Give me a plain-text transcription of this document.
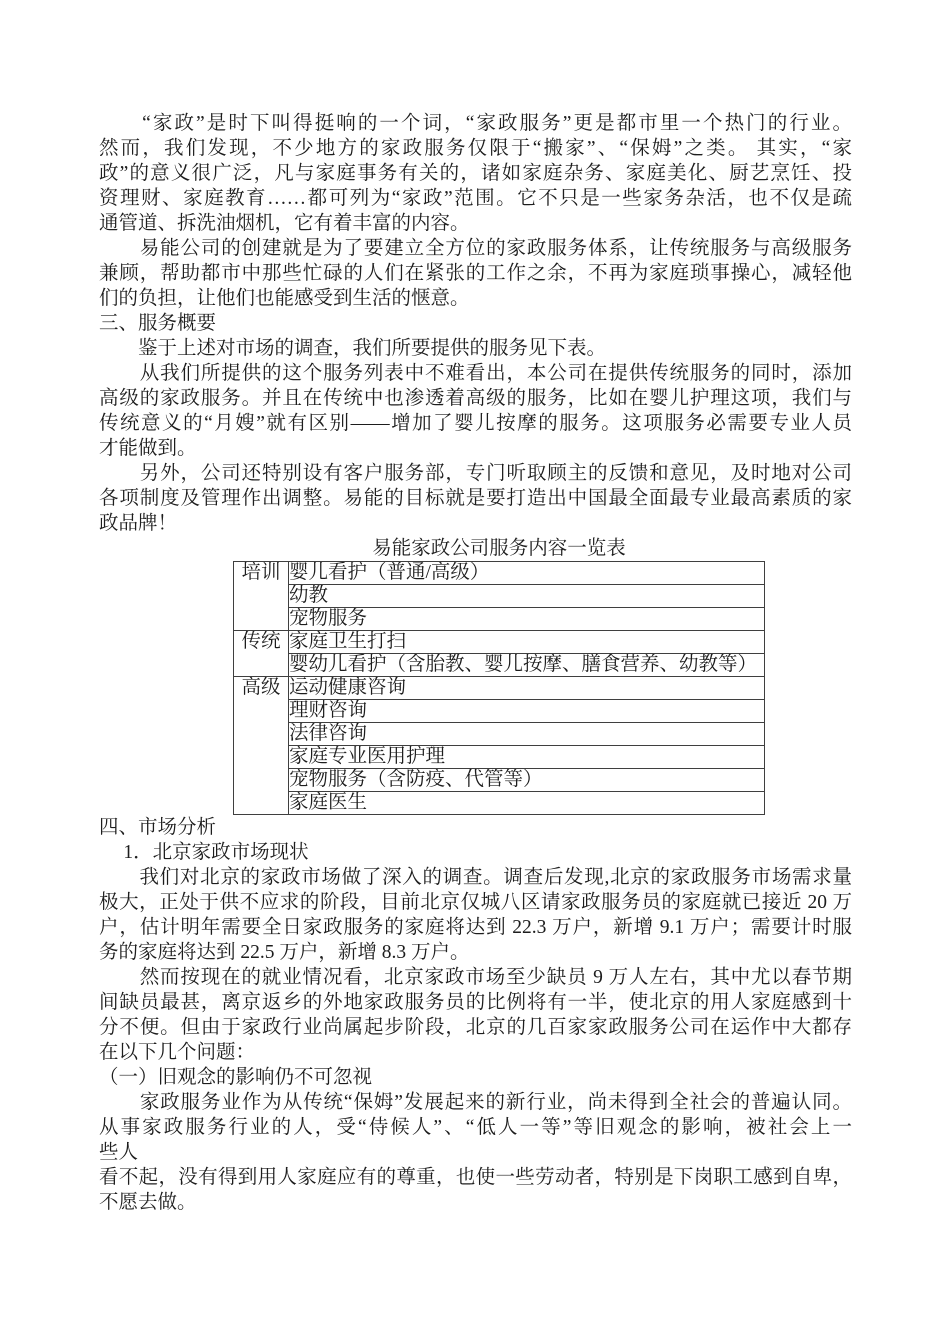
　　“家政”是时下叫得挺响的一个词，“家政服务”更是都市里一个热门的行业。
然而，我们发现，不少地方的家政服务仅限于“搬家”、“保姆”之类。 其实，“家
政”的意义很广泛，凡与家庭事务有关的，诸如家庭杂务、家庭美化、厨艺烹饪、投
资理财、家庭教育……都可列为“家政”范围。它不只是一些家务杂活，也不仅是疏
通管道、拆洗油烟机，它有着丰富的内容。
　　易能公司的创建就是为了要建立全方位的家政服务体系，让传统服务与高级服务
兼顾，帮助都市中那些忙碌的人们在紧张的工作之余，不再为家庭琐事操心，减轻他
们的负担，让他们也能感受到生活的惬意。
三、服务概要
　　鉴于上述对市场的调查，我们所要提供的服务见下表。
　　从我们所提供的这个服务列表中不难看出，本公司在提供传统服务的同时，添加
高级的家政服务。并且在传统中也渗透着高级的服务，比如在婴儿护理这项，我们与
传统意义的“月嫂”就有区别——增加了婴儿按摩的服务。这项服务必需要专业人员
才能做到。
　　另外，公司还特别设有客户服务部，专门听取顾主的反馈和意见，及时地对公司
各项制度及管理作出调整。易能的目标就是要打造出中国最全面最专业最高素质的家
政品牌！
易能家政公司服务内容一览表
培训	婴儿看护（普通/高级）
	幼教
	宠物服务
传统	家庭卫生打扫
	婴幼儿看护（含胎教、婴儿按摩、膳食营养、幼教等）
高级	运动健康咨询
	理财咨询
	法律咨询
	家庭专业医用护理
	宠物服务（含防疫、代管等）
	家庭医生
四、市场分析
　 1．北京家政市场现状
　　我们对北京的家政市场做了深入的调查。调查后发现,北京的家政服务市场需求量
极大，正处于供不应求的阶段，目前北京仅城八区请家政服务员的家庭就已接近 20 万
户，估计明年需要全日家政服务的家庭将达到 22.3 万户，新增 9.1 万户；需要计时服
务的家庭将达到 22.5 万户，新增 8.3 万户。
　　然而按现在的就业情况看，北京家政市场至少缺员 9 万人左右，其中尤以春节期
间缺员最甚，离京返乡的外地家政服务员的比例将有一半，使北京的用人家庭感到十
分不便。但由于家政行业尚属起步阶段，北京的几百家家政服务公司在运作中大都存
在以下几个问题：
（一）旧观念的影响仍不可忽视
　　家政服务业作为从传统“保姆”发展起来的新行业，尚未得到全社会的普遍认同。
从事家政服务行业的人，受“侍候人”、“低人一等”等旧观念的影响，被社会上一
些人
看不起，没有得到用人家庭应有的尊重，也使一些劳动者，特别是下岗职工感到自卑，
不愿去做。
